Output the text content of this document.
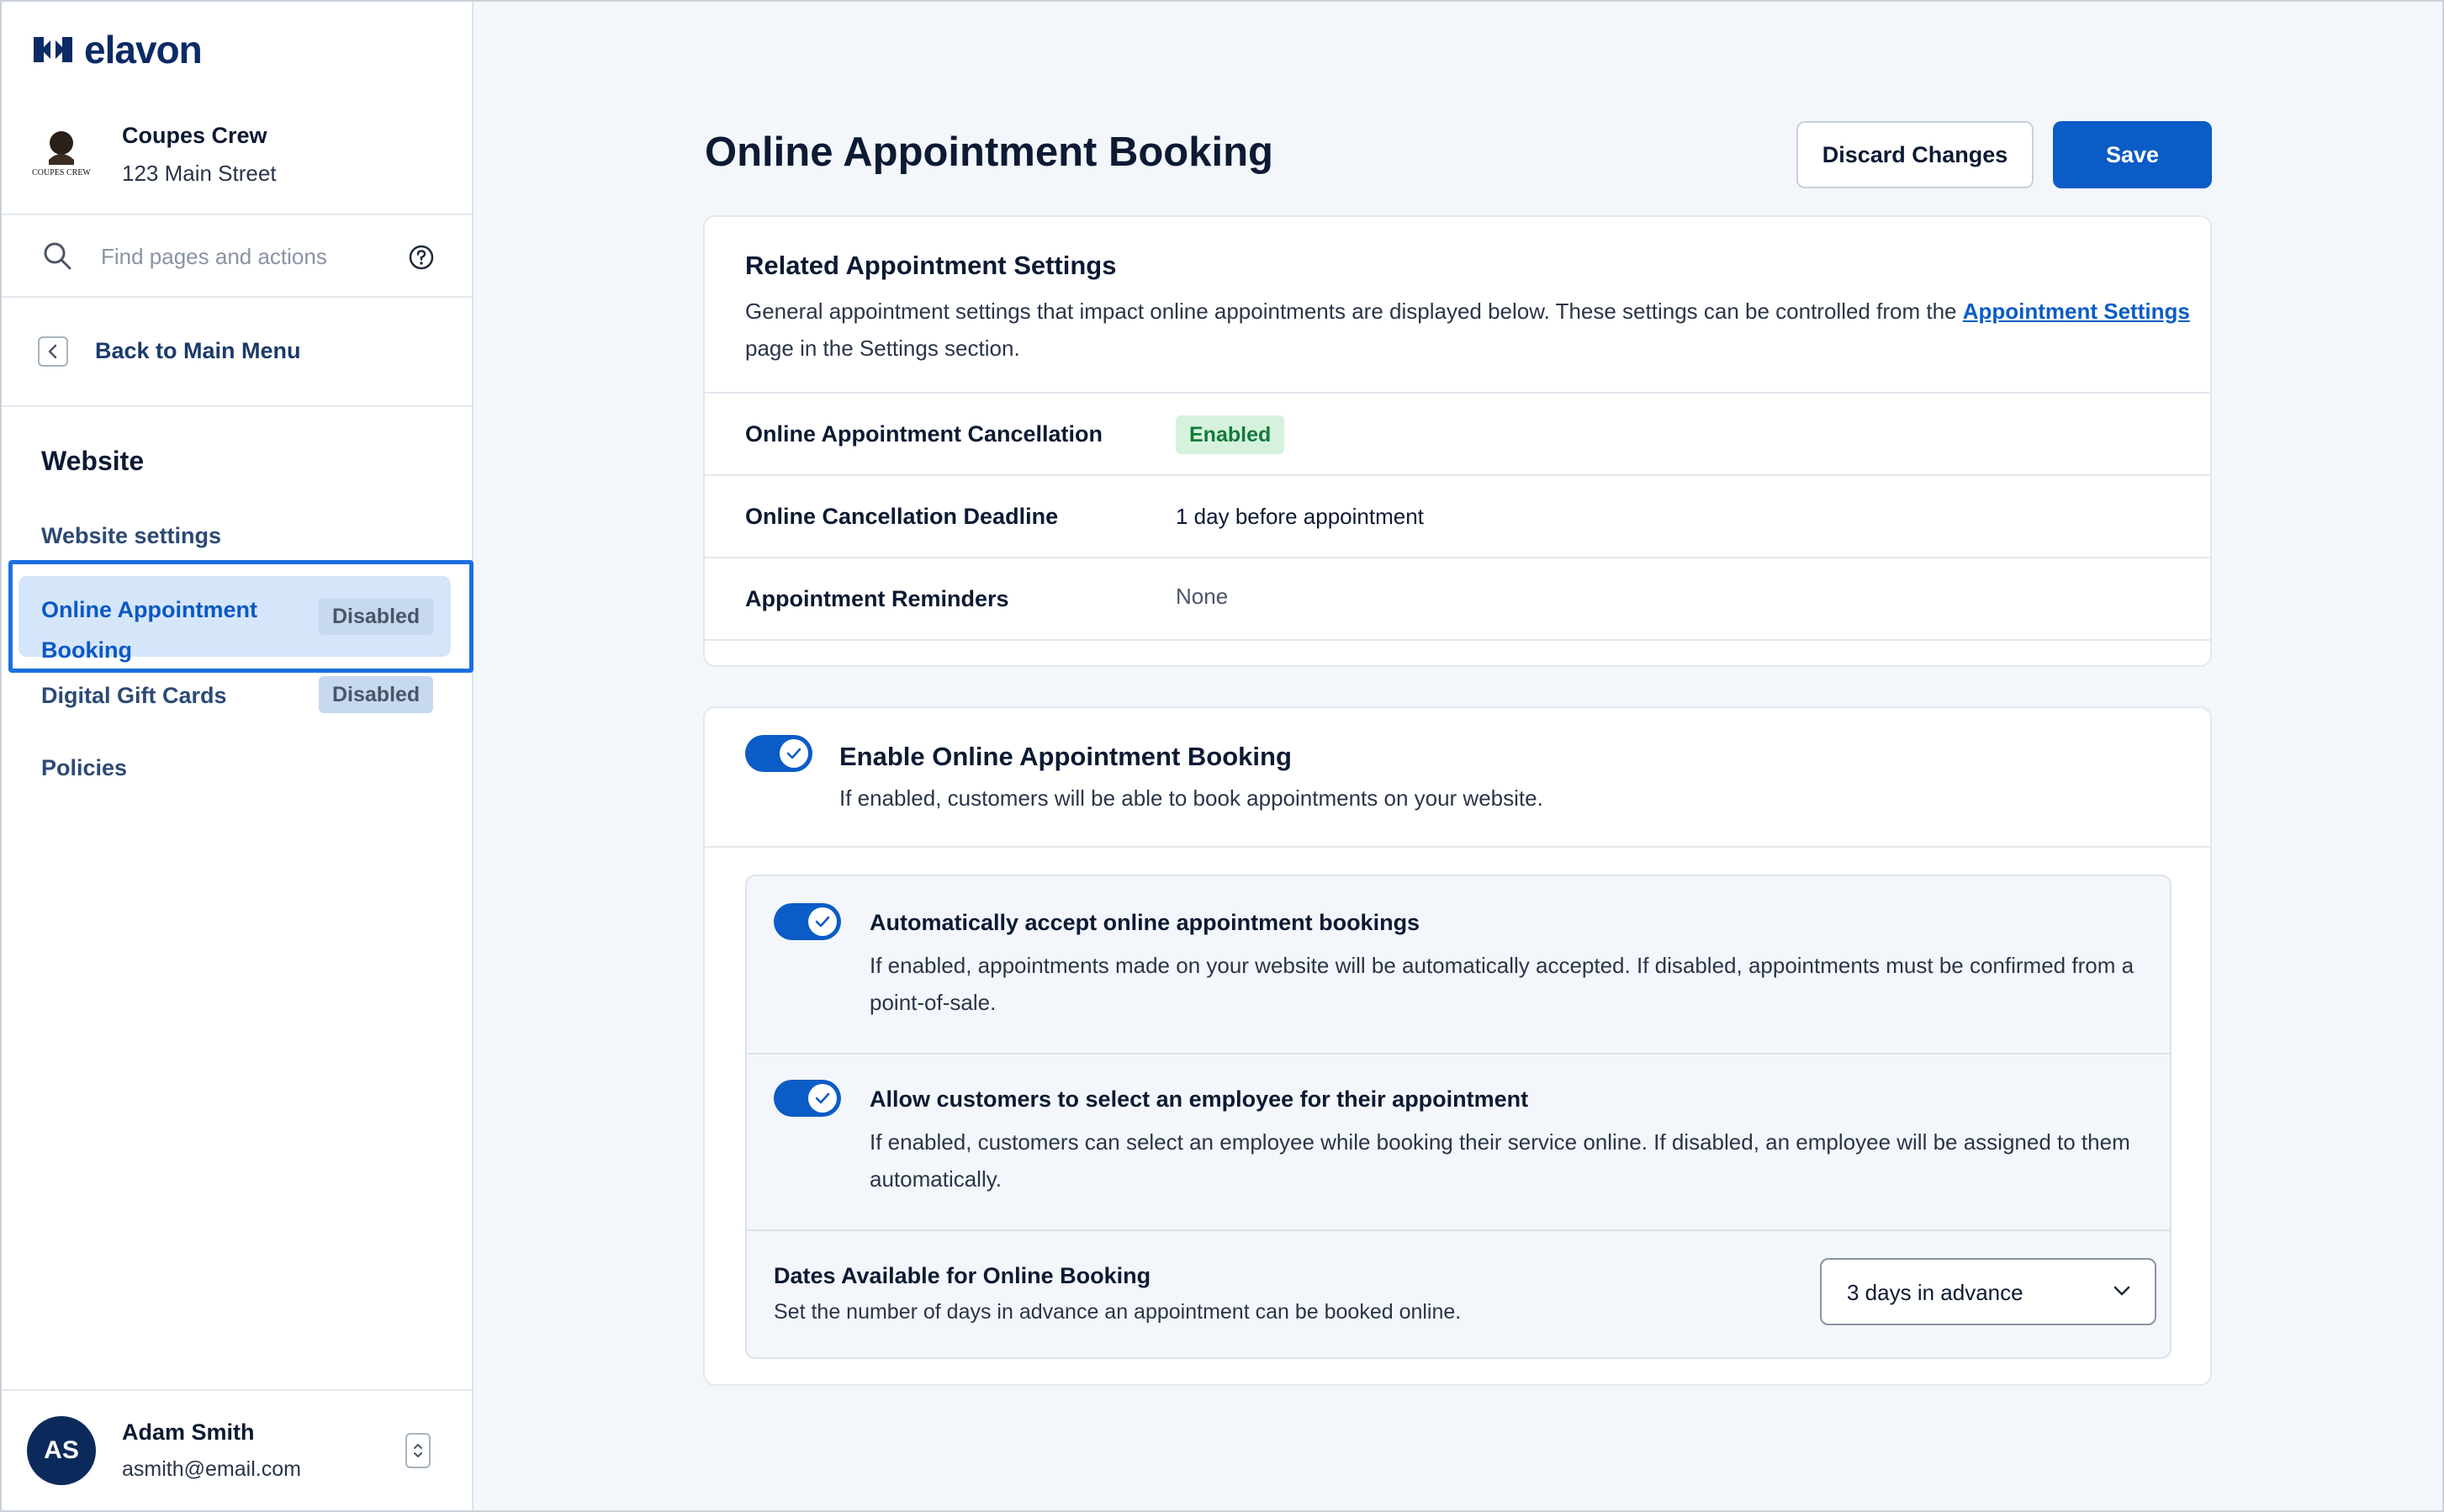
elavon
COUPES CREW
Coupes Crew
123 Main Street
Find pages and actions
Back to Main Menu
Website
Website settings
Online Appointment Booking
Disabled
Digital Gift Cards	Disabled
Policies
AS
Adam Smith
asmith@email.com
Online Appointment Booking	Discard Changes	Save
Related Appointment Settings

General appointment settings that impact online appointments are displayed below. These settings can be controlled from the Appointment Settings page in the Settings section.

Online Appointment Cancellation	Enabled
Online Cancellation Deadline	1 day before appointment
Appointment Reminders	None
Enable Online Appointment Booking
If enabled, customers will be able to book appointments on your website.
Automatically accept online appointment bookings
If enabled, appointments made on your website will be automatically accepted. If disabled, appointments must be confirmed from a point-of-sale.
Allow customers to select an employee for their appointment
If enabled, customers can select an employee while booking their service online. If disabled, an employee will be assigned to them automatically.
Dates Available for Online Booking
Set the number of days in advance an appointment can be booked online.
3 days in advance
